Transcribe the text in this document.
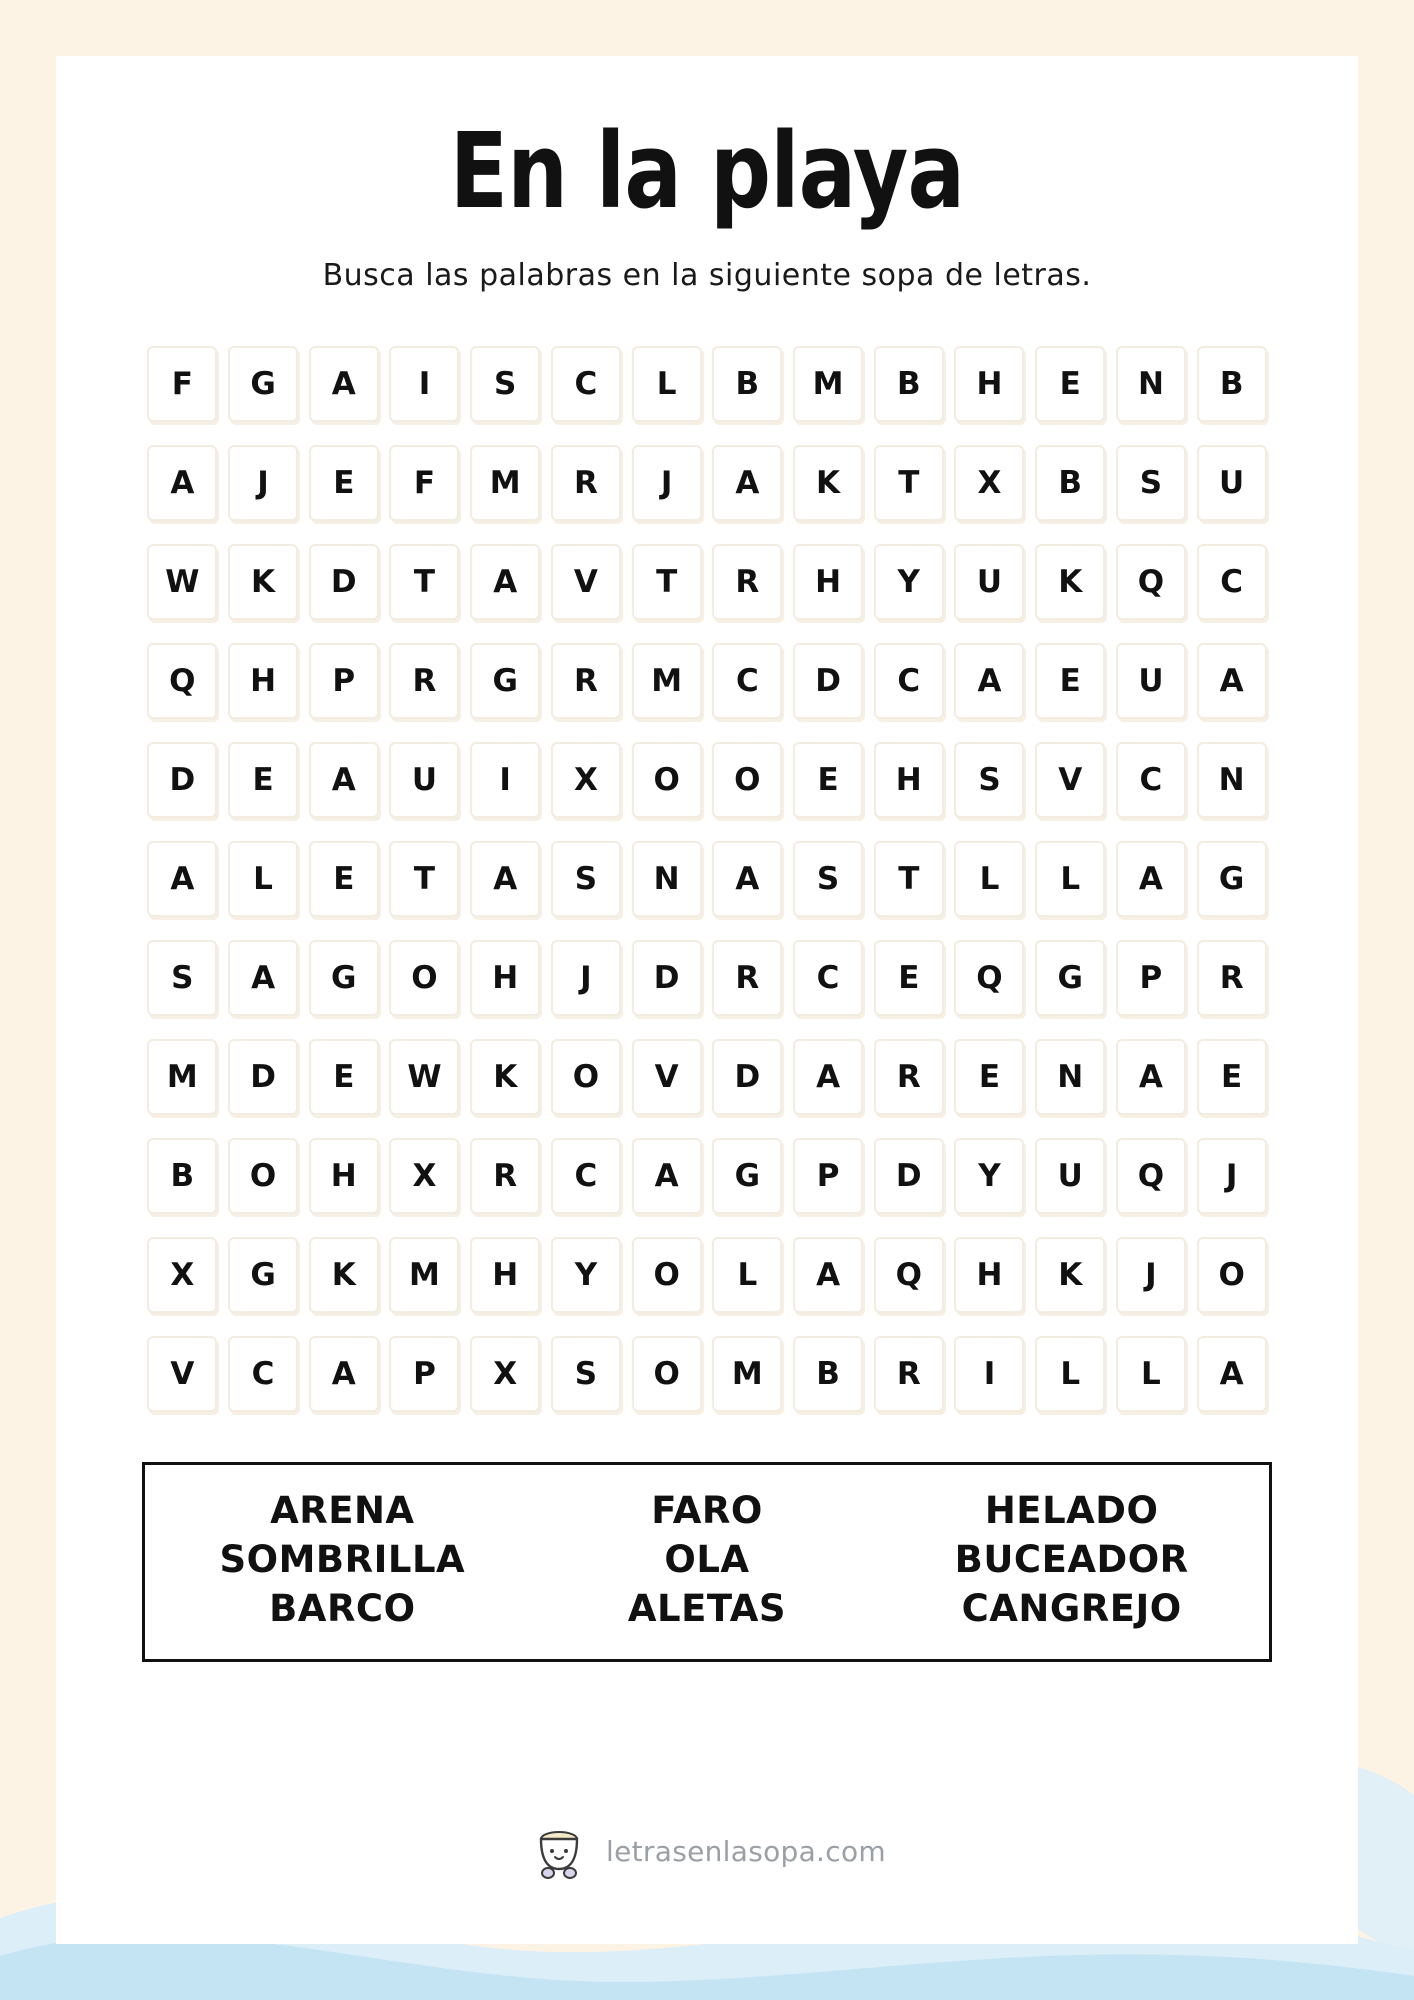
En la playa
Busca las palabras en la siguiente sopa de letras.
F	G	A	I	S	C	L	B	M	B	H	E	N	B
A	J	E	F	M	R	J	A	K	T	X	B	S	U
W	K	D	T	A	V	T	R	H	Y	U	K	Q	C
Q	H	P	R	G	R	M	C	D	C	A	E	U	A
D	E	A	U	I	X	O	O	E	H	S	V	C	N
A	L	E	T	A	S	N	A	S	T	L	L	A	G
S	A	G	O	H	J	D	R	C	E	Q	G	P	R
M	D	E	W	K	O	V	D	A	R	E	N	A	E
B	O	H	X	R	C	A	G	P	D	Y	U	Q	J
X	G	K	M	H	Y	O	L	A	Q	H	K	J	O
V	C	A	P	X	S	O	M	B	R	I	L	L	A
ARENA	FARO	HELADO
SOMBRILLA	OLA	BUCEADOR
BARCO	ALETAS	CANGREJO
letrasenlasopa.com
